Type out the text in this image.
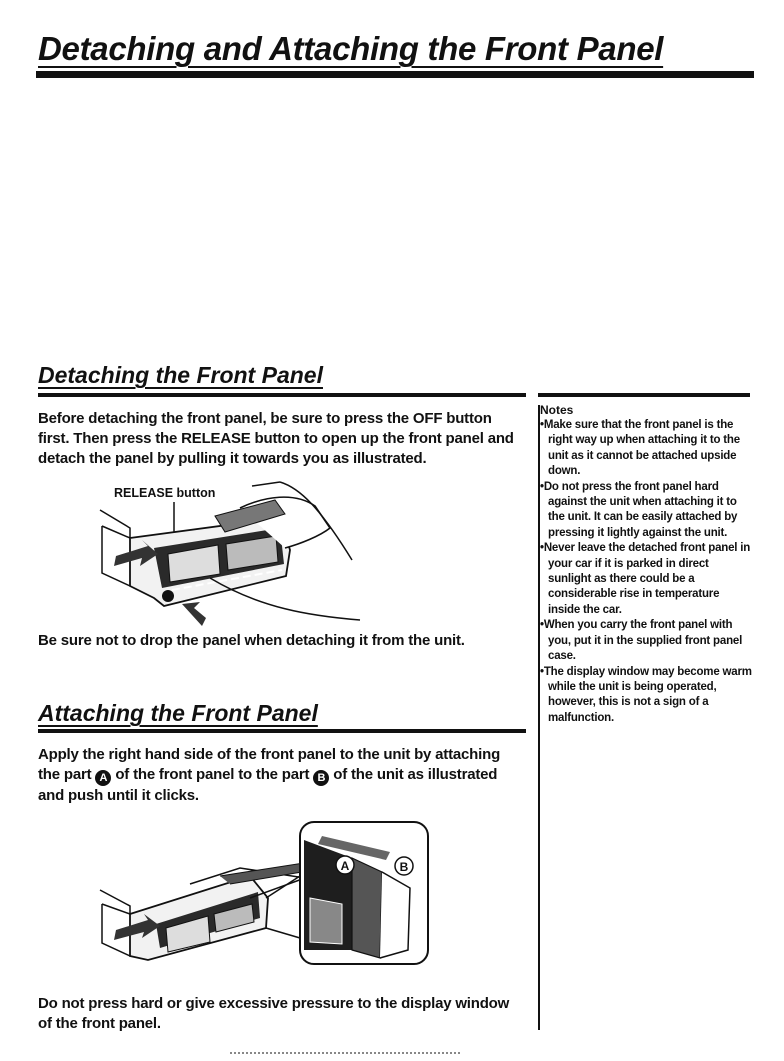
Detaching and Attaching the Front Panel
Detaching the Front Panel

Before detaching the front panel, be sure to press the OFF button first. Then press the RELEASE button to open up the front panel and detach the panel by pulling it towards you as illustrated.

RELEASE button

Be sure not to drop the panel when detaching it from the unit.

Attaching the Front Panel

Apply the right hand side of the front panel to the unit by attaching the part A of the front panel to the part B of the unit as illustrated and push until it clicks.

A	B

Do not press hard or give excessive pressure to the display window of the front panel.

Notes

•Make sure that the front panel is the right way up when attaching it to the unit as it cannot be attached upside down.
•Do not press the front panel hard against the unit when attaching it to the unit. It can be easily attached by pressing it lightly against the unit.
•Never leave the detached front panel in your car if it is parked in direct sunlight as there could be a considerable rise in temperature inside the car.
•When you carry the front panel with you, put it in the supplied front panel case.
•The display window may become warm while the unit is being operated, however, this is not a sign of a malfunction.
